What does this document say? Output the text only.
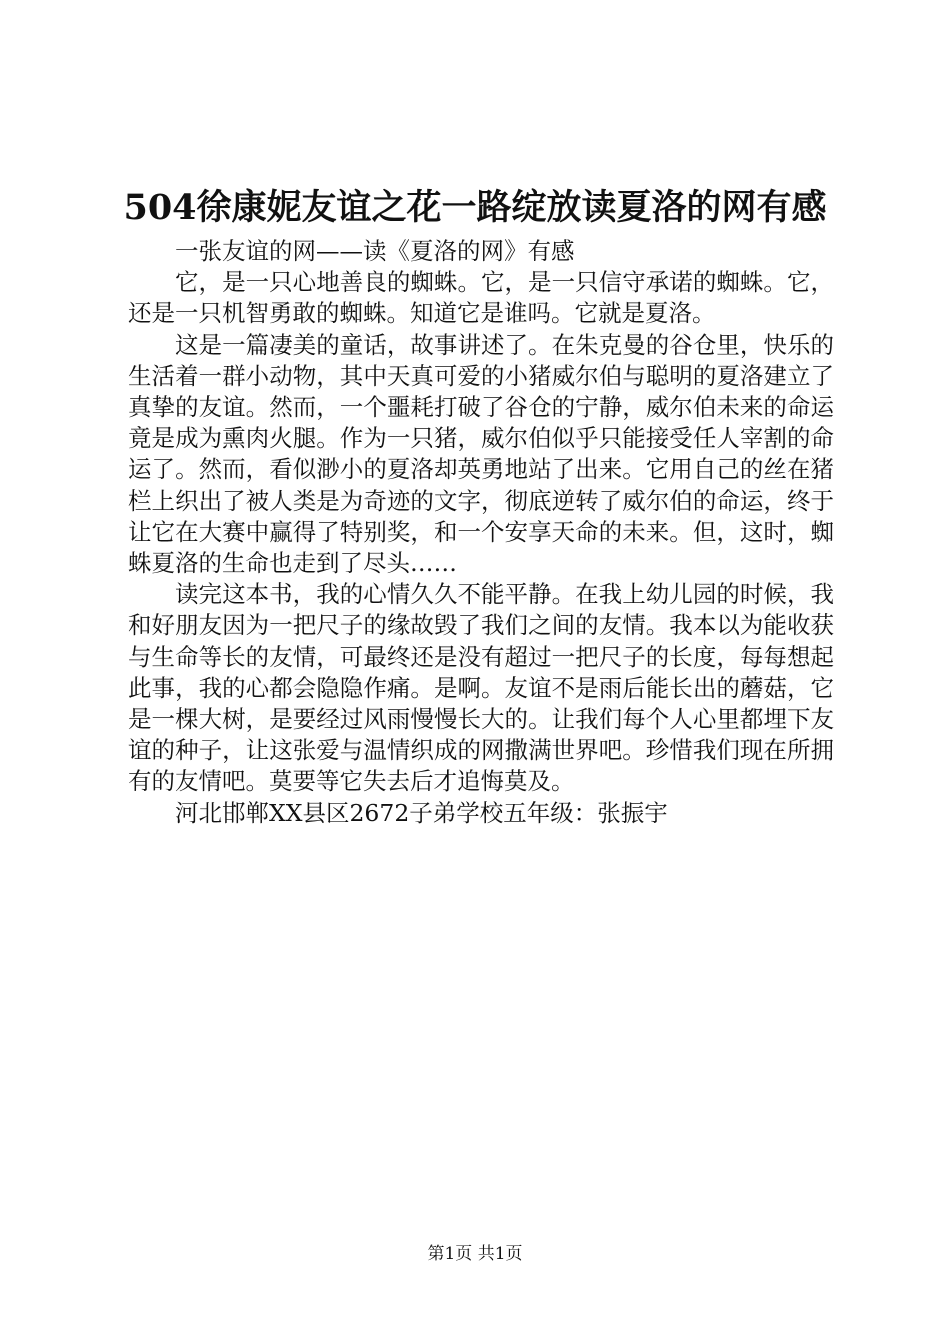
504徐康妮友谊之花一路绽放读夏洛的网有感

一张友谊的网——读《夏洛的网》有感

它，是一只心地善良的蜘蛛。它，是一只信守承诺的蜘蛛。它，还是一只机智勇敢的蜘蛛。知道它是谁吗。它就是夏洛。

这是一篇凄美的童话，故事讲述了。在朱克曼的谷仓里，快乐的生活着一群小动物，其中天真可爱的小猪威尔伯与聪明的夏洛建立了真挚的友谊。然而，一个噩耗打破了谷仓的宁静，威尔伯未来的命运竟是成为熏肉火腿。作为一只猪，威尔伯似乎只能接受任人宰割的命运了。然而，看似渺小的夏洛却英勇地站了出来。它用自己的丝在猪栏上织出了被人类是为奇迹的文字，彻底逆转了威尔伯的命运，终于让它在大赛中赢得了特别奖，和一个安享天命的未来。但，这时，蜘蛛夏洛的生命也走到了尽头……

读完这本书，我的心情久久不能平静。在我上幼儿园的时候，我和好朋友因为一把尺子的缘故毁了我们之间的友情。我本以为能收获与生命等长的友情，可最终还是没有超过一把尺子的长度，每每想起此事，我的心都会隐隐作痛。是啊。友谊不是雨后能长出的蘑菇，它是一棵大树，是要经过风雨慢慢长大的。让我们每个人心里都埋下友谊的种子，让这张爱与温情织成的网撒满世界吧。珍惜我们现在所拥有的友情吧。莫要等它失去后才追悔莫及。

河北邯郸XX县区2672子弟学校五年级：张振宇

第1页 共1页
